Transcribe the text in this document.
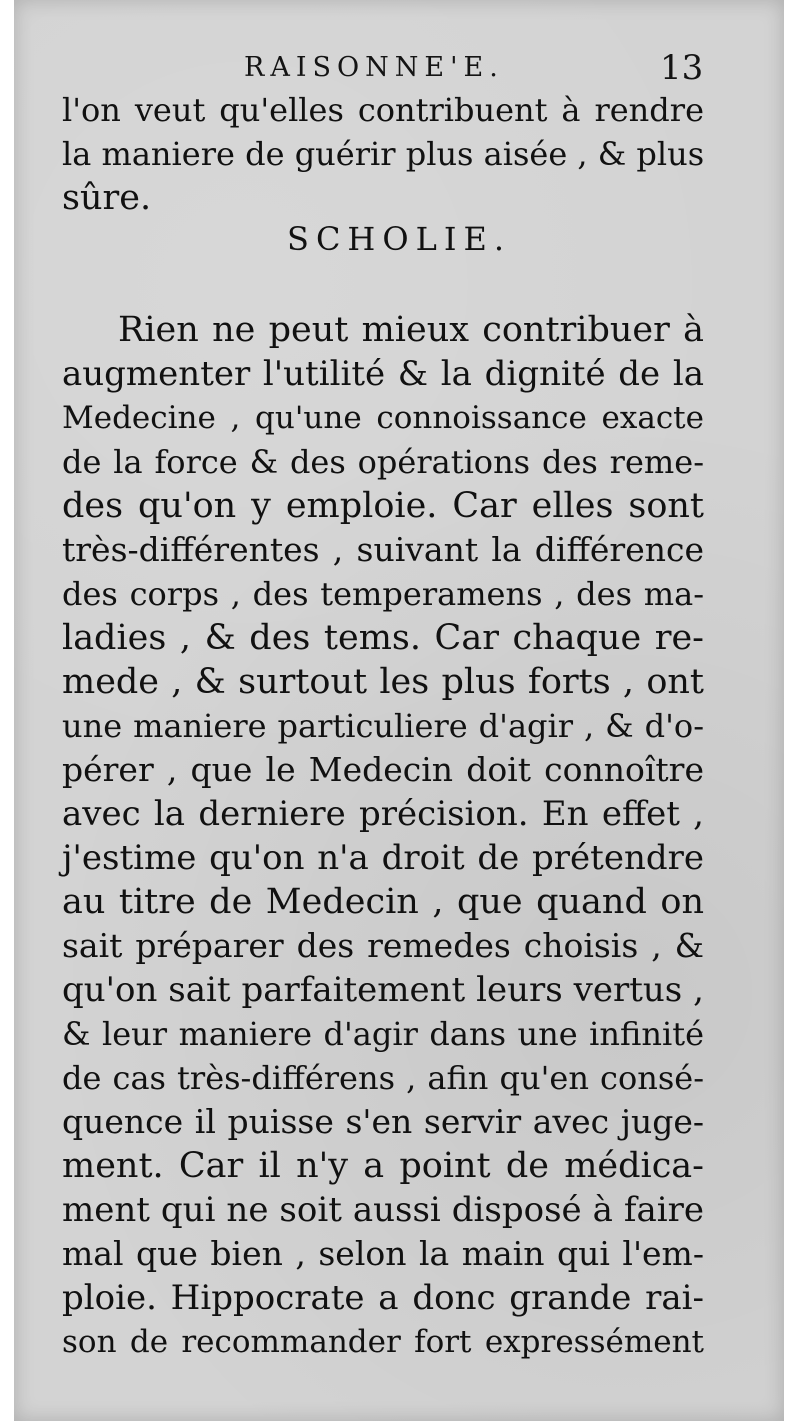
RAISONNE'E.	13
l'on veut qu'elles contribuent à rendre
la maniere de guérir plus aisée , & plus
sûre.
SCHOLIE.
Rien ne peut mieux contribuer à
augmenter l'utilité & la dignité de la
Medecine , qu'une connoissance exacte
de la force & des opérations des reme-
des qu'on y emploie. Car elles sont
très-différentes , suivant la différence
des corps , des temperamens , des ma-
ladies , & des tems. Car chaque re-
mede , & surtout les plus forts , ont
une maniere particuliere d'agir , & d'o-
pérer , que le Medecin doit connoître
avec la derniere précision. En effet ,
j'estime qu'on n'a droit de prétendre
au titre de Medecin , que quand on
sait préparer des remedes choisis , &
qu'on sait parfaitement leurs vertus ,
& leur maniere d'agir dans une infinité
de cas très-différens , afin qu'en consé-
quence il puisse s'en servir avec juge-
ment. Car il n'y a point de médica-
ment qui ne soit aussi disposé à faire
mal que bien , selon la main qui l'em-
ploie. Hippocrate a donc grande rai-
son de recommander fort expressément
